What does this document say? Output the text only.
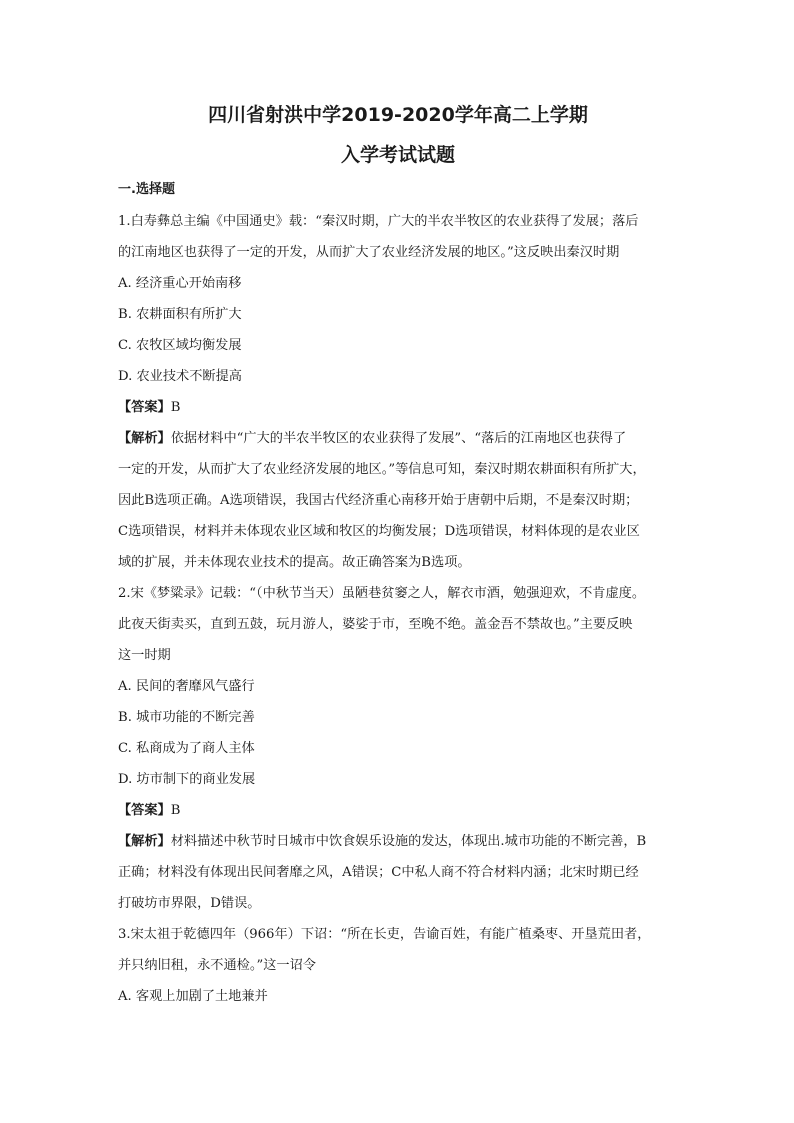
四川省射洪中学2019-2020学年高二上学期
入学考试试题

一.选择题

1.白寿彝总主编《中国通史》载：“秦汉时期，广大的半农半牧区的农业获得了发展；落后

的江南地区也获得了一定的开发，从而扩大了农业经济发展的地区。”这反映出秦汉时期

A. 经济重心开始南移

B. 农耕面积有所扩大

C. 农牧区域均衡发展

D. 农业技术不断提高

【答案】B

【解析】依据材料中“广大的半农半牧区的农业获得了发展”、“落后的江南地区也获得了
一定的开发，从而扩大了农业经济发展的地区。”等信息可知，秦汉时期农耕面积有所扩大，
因此B选项正确。A选项错误，我国古代经济重心南移开始于唐朝中后期，不是秦汉时期；
C选项错误，材料并未体现农业区域和牧区的均衡发展；D选项错误，材料体现的是农业区
域的扩展，并未体现农业技术的提高。故正确答案为B选项。

2.宋《梦粱录》记载：“（中秋节当天）虽陋巷贫窭之人，解衣市酒，勉强迎欢，不肯虚度。

此夜天街卖买，直到五鼓，玩月游人，婆娑于市，至晚不绝。盖金吾不禁故也。”主要反映

这一时期

A. 民间的奢靡风气盛行

B. 城市功能的不断完善

C. 私商成为了商人主体

D. 坊市制下的商业发展

【答案】B

【解析】材料描述中秋节时日城市中饮食娱乐设施的发达，体现出.城市功能的不断完善，B
正确；材料没有体现出民间奢靡之风，A错误；C中私人商不符合材料内涵；北宋时期已经
打破坊市界限，D错误。

3.宋太祖于乾德四年（966年）下诏：“所在长吏，告谕百姓，有能广植桑枣、开垦荒田者，

并只纳旧租，永不通检。”这一诏令

A. 客观上加剧了土地兼并
